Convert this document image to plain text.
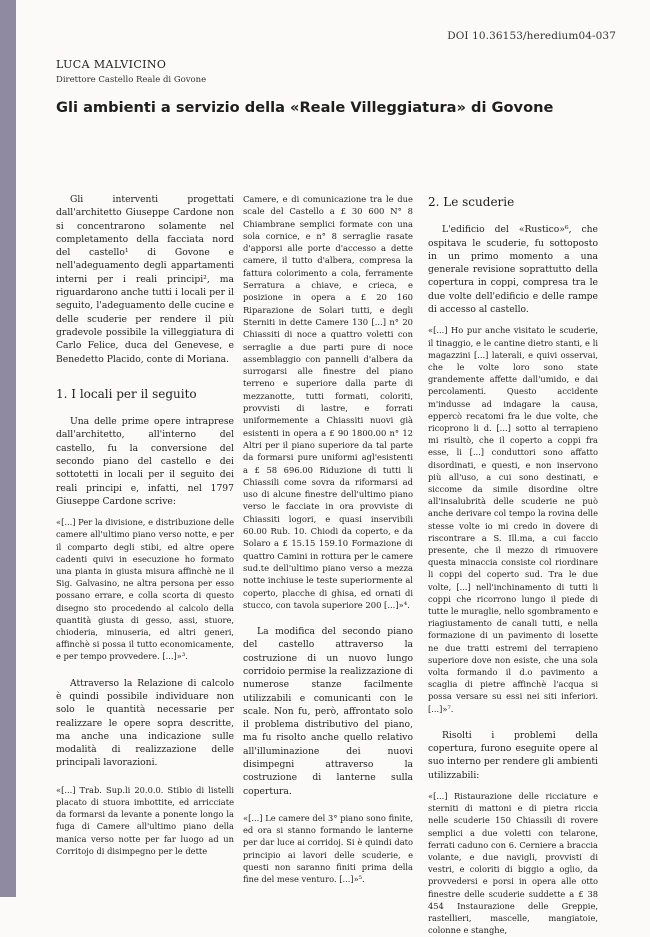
DOI 10.36153/heredium04-037
LUCA MALVICINO
Direttore Castello Reale di Govone
Gli ambienti a servizio della «Reale Villeggiatura» di Govone

Gli interventi progettati dall'architetto Giuseppe Cardone non si concentrarono solamente nel completamento della facciata nord del castello¹ di Govone e nell'adeguamento degli appartamenti interni per i reali principi², ma riguardarono anche tutti i locali per il seguito, l'adeguamento delle cucine e delle scuderie per rendere il più gradevole possibile la villeggiatura di Carlo Felice, duca del Genevese, e Benedetto Placido, conte di Moriana.

1. I locali per il seguito

Una delle prime opere intraprese dall'architetto, all'interno del castello, fu la conversione del secondo piano del castello e dei sottotetti in locali per il seguito dei reali principi e, infatti, nel 1797 Giuseppe Cardone scrive:

«[...] Per la divisione, e distribuzione delle camere all'ultimo piano verso notte, e per il comparto degli stibi, ed altre opere cadenti quivi in esecuzione ho formato una pianta in giusta misura affinchè ne il Sig. Galvasino, ne altra persona per esso possano errare, e colla scorta di questo disegno sto procedendo al calcolo della quantità giusta di gesso, assi, stuore, chioderia, minuseria, ed altri generi, affinchè si possa il tutto economicamente, e per tempo provvedere. [...]»³.

Attraverso la Relazione di calcolo è quindi possibile individuare non solo le quantità necessarie per realizzare le opere sopra descritte, ma anche una indicazione sulle modalità di realizzazione delle principali lavorazioni.

«[...] Trab. Sup.li 20.0.0. Stibio di listelli placato di stuora imbottite, ed arricciate da formarsi da levante a ponente longo la fuga di Camere all'ultimo piano della manica verso notte per far luogo ad un Corritojo di disimpegno per le dette

Camere, e di comunicazione tra le due scale del Castello a £ 30 600 N° 8 Chiambrane semplici formate con una sola cornice, e n° 8 serraglie rasate d'apporsi alle porte d'accesso a dette camere, il tutto d'albera, compresa la fattura colorimento a cola, ferramente Serratura a chiave, e crieca, e posizione in opera a £ 20 160 Riparazione de Solari tutti, e degli Sterniti in dette Camere 130 [...] n° 20 Chiassiti di noce a quattro voletti con serraglie a due parti pure di noce assemblaggio con pannelli d'albera da surrogarsi alle finestre del piano terreno e superiore dalla parte di mezzanotte, tutti formati, coloriti, provvisti di lastre, e forrati uniformemente a Chiassiti nuovi già esistenti in opera a £ 90 1800.00 n° 12 Altri per il piano superiore da tal parte da formarsi pure uniformi agl'esistenti a £ 58 696.00 Riduzione di tutti li Chiassili come sovra da riformarsi ad uso di alcune finestre dell'ultimo piano verso le facciate in ora provviste di Chiassiti logori, e quasi inservibili 60.00 Rub. 10. Chiodi da coperto, e da Solaro a £ 15.15 159.10 Formazione di quattro Camini in rottura per le camere sud.te dell'ultimo piano verso a mezza notte inchiuse le teste superiormente al coperto, placche di ghisa, ed ornati di stucco, con tavola superiore 200 [...]»⁴.

La modifica del secondo piano del castello attraverso la costruzione di un nuovo lungo corridoio permise la realizzazione di numerose stanze facilmente utilizzabili e comunicanti con le scale. Non fu, però, affrontato solo il problema distributivo del piano, ma fu risolto anche quello relativo all'illuminazione dei nuovi disimpegni attraverso la costruzione di lanterne sulla copertura.

«[...] Le camere del 3° piano sono finite, ed ora si stanno formando le lanterne per dar luce ai corridoj. Si è quindi dato principio ai lavori delle scuderie, e questi non saranno finiti prima della fine del mese venturo. [...]»⁵.

2. Le scuderie

L'edificio del «Rustico»⁶, che ospitava le scuderie, fu sottoposto in un primo momento a una generale revisione soprattutto della copertura in coppi, compresa tra le due volte dell'edificio e delle rampe di accesso al castello.

«[...] Ho pur anche visitato le scuderie, il tinaggio, e le cantine dietro stanti, e li magazzini [...] laterali, e quivi osservai, che le volte loro sono state grandemente affette dall'umido, e dai percolamenti. Questo accidente m'indusse ad indagare la causa, eppercò recatomi fra le due volte, che ricoprono li d. [...] sotto al terrapieno mi risultò, che il coperto a coppi fra esse, li [...] conduttori sono affatto disordinati, e questi, e non inservono più all'uso, a cui sono destinati, e siccome da simile disordine oltre all'insalubrità delle scuderie ne può anche derivare col tempo la rovina delle stesse volte io mi credo in dovere di riscontrare a S. Ill.ma, a cui faccio presente, che il mezzo di rimuovere questa minaccia consiste col riordinare li coppi del coperto sud. Tra le due volte, [...] nell'inchinamento di tutti li coppi che ricorrono lungo il piede di tutte le muraglie, nello sgombramento e riagiustamento de canali tutti, e nella formazione di un pavimento di losette ne due tratti estremi del terrapieno superiore dove non esiste, che una sola volta formando il d.o pavimento a scaglia di pietre affinchè l'acqua si possa versare su essi nei siti inferiori. [...]»⁷.

Risolti i problemi della copertura, furono eseguite opere al suo interno per rendere gli ambienti utilizzabili:

«[...] Ristaurazione delle ricciature e sterniti di mattoni e di pietra riccia nelle scuderie 150 Chiassili di rovere semplici a due voletti con telarone, ferrati caduno con 6. Cerniere a braccia volante, e due navigli, provvisti di vestri, e coloriti di biggio a oglio, da provvedersi e porsi in opera alle otto finestre delle scuderie suddette a £ 38 454 Instaurazione delle Greppie, rastellieri, mascelle, mangiatoie, colonne e stanghe,
